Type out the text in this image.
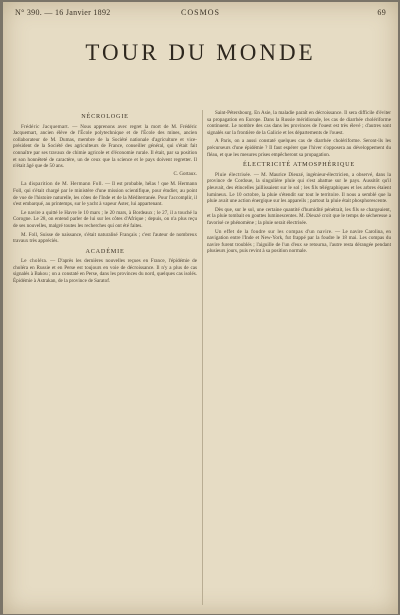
N° 390. — 16 Janvier 1892	COSMOS	69
TOUR DU MONDE
NÉCROLOGIE

Frédéric Jacquemart. — Nous apprenons avec regret la mort de M. Frédéric Jacquemart, ancien élève de l'École polytechnique et de l'École des mines, ancien collaborateur de M. Dumas, membre de la Société nationale d'agriculture et vice-président de la Société des agriculteurs de France, conseiller général, qui s'était fait connaître par ses travaux de chimie agricole et d'économie rurale. Il était, par sa position et son honnêteté de caractère, un de ceux que la science et le pays doivent regretter. Il n'était âgé que de 50 ans.

C. Gortaux.

La disparition de M. Hermann Foll. — Il est probable, hélas ! que M. Hermann Foll, qui s'était chargé par le ministère d'une mission scientifique, pour étudier, au point de vue de l'histoire naturelle, les côtes de l'Inde et de la Méditerranée. Pour l'accomplir, il s'est embarqué, au printemps, sur le yacht à vapeur Aster, lui appartenant.

Le navire a quitté le Havre le 10 mars ; le 20 mars, à Bordeaux ; le 27, il a touché la Corogne. Le 28, on entend parler de lui sur les côtes d'Afrique ; depuis, on n'a plus reçu de ses nouvelles, malgré toutes les recherches qui ont été faites.

M. Foll, Suisse de naissance, s'était naturalisé Français ; c'est l'auteur de nombreux travaux très appréciés.

ACADÉMIE

Le choléra. — D'après les dernières nouvelles reçues en France, l'épidémie de choléra en Russie et en Perse est toujours en voie de décroissance. Il n'y a plus de cas signalés à Bakou ; on a constaté en Perse, dans les provinces du nord, quelques cas isolés. Épidémie à Astrakan, de la province de Saratof.

Saint-Pétersbourg. En Asie, la maladie paraît en décroissance. Il sera difficile d'éviter sa propagation en Europe. Dans la Russie méridionale, les cas de diarrhée cholériforme continuent. Le nombre des cas dans les provinces de l'ouest est très élevé ; d'autres sont signalés sur la frontière de la Galicie et les départements de l'ouest.

A Paris, on a aussi constaté quelques cas de diarrhée cholériforme. Seront-ils les précurseurs d'une épidémie ? Il faut espérer que l'hiver s'opposera au développement du fléau, et que les mesures prises empêcheront sa propagation.

ÉLECTRICITÉ ATMOSPHÉRIQUE

Pluie électrisée. — M. Maurice Dieuzé, ingénieur-électricien, a observé, dans la province de Cordoue, la singulière pluie qui s'est abattue sur le pays. Aussitôt qu'il pleuvait, des étincelles jaillissaient sur le sol ; les fils télégraphiques et les arbres étaient lumineux. Le 10 octobre, la pluie s'étendit sur tout le territoire. Il nous a semblé que la pluie avait une action énergique sur les appareils ; partout la pluie était phosphorescente.

Dès que, sur le sol, une certaine quantité d'humidité pénétrait, les fils se chargeaient, et la pluie tombait en gouttes luminescentes. M. Dieuzé croit que le temps de sécheresse a favorisé ce phénomène ; la pluie serait électrisée.

Un effet de la foudre sur les compas d'un navire. — Le navire Carolina, en navigation entre l'Inde et New-York, fut frappé par la foudre le 18 mai. Les compas du navire furent troublés ; l'aiguille de l'un d'eux se retourna, l'autre resta dérangée pendant plusieurs jours, puis revint à sa position normale.
